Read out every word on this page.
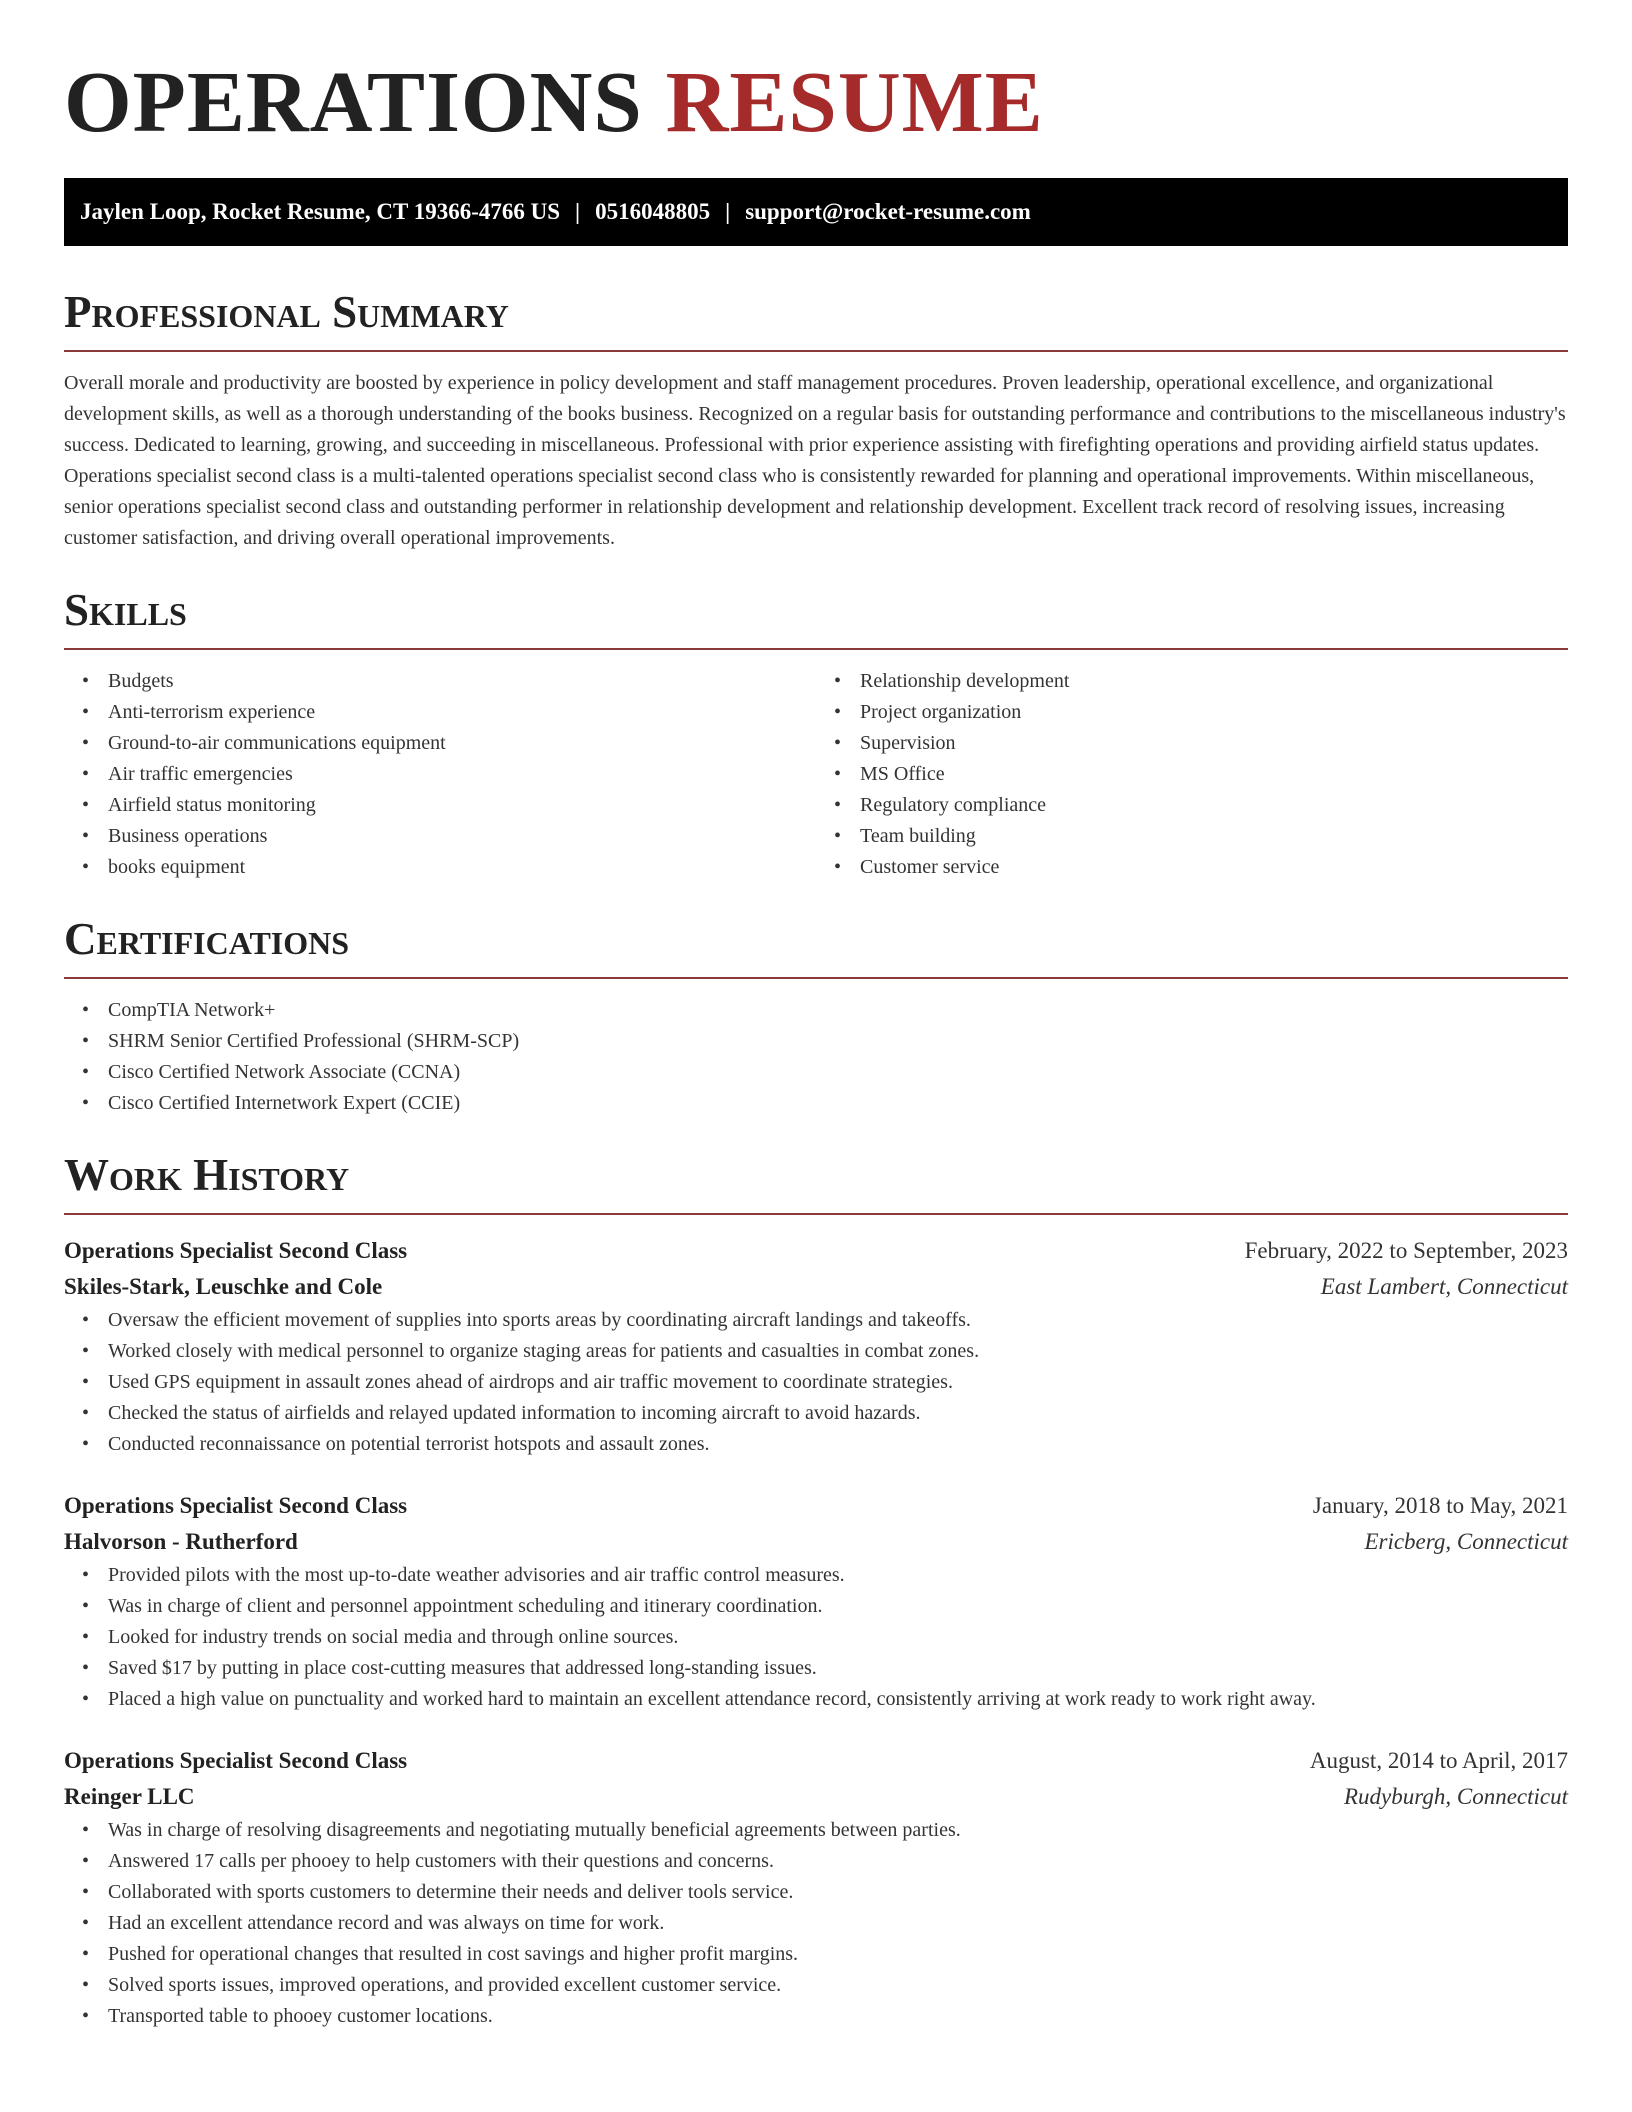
OPERATIONS RESUME
Jaylen Loop, Rocket Resume, CT 19366-4766 US | 0516048805 | support@rocket-resume.com
Professional Summary

Overall morale and productivity are boosted by experience in policy development and staff management procedures. Proven leadership, operational excellence, and organizational development skills, as well as a thorough understanding of the books business. Recognized on a regular basis for outstanding performance and contributions to the miscellaneous industry's success. Dedicated to learning, growing, and succeeding in miscellaneous. Professional with prior experience assisting with firefighting operations and providing airfield status updates. Operations specialist second class is a multi-talented operations specialist second class who is consistently rewarded for planning and operational improvements. Within miscellaneous, senior operations specialist second class and outstanding performer in relationship development and relationship development. Excellent track record of resolving issues, increasing customer satisfaction, and driving overall operational improvements.

Skills
• Budgets
• Anti-terrorism experience
• Ground-to-air communications equipment
• Air traffic emergencies
• Airfield status monitoring
• Business operations
• books equipment
• Relationship development
• Project organization
• Supervision
• MS Office
• Regulatory compliance
• Team building
• Customer service
Certifications
• CompTIA Network+
• SHRM Senior Certified Professional (SHRM-SCP)
• Cisco Certified Network Associate (CCNA)
• Cisco Certified Internetwork Expert (CCIE)
Work History
Operations Specialist Second Class	February, 2022 to September, 2023
Skiles-Stark, Leuschke and Cole	East Lambert, Connecticut
• Oversaw the efficient movement of supplies into sports areas by coordinating aircraft landings and takeoffs.
• Worked closely with medical personnel to organize staging areas for patients and casualties in combat zones.
• Used GPS equipment in assault zones ahead of airdrops and air traffic movement to coordinate strategies.
• Checked the status of airfields and relayed updated information to incoming aircraft to avoid hazards.
• Conducted reconnaissance on potential terrorist hotspots and assault zones.
Operations Specialist Second Class	January, 2018 to May, 2021
Halvorson - Rutherford	Ericberg, Connecticut
• Provided pilots with the most up-to-date weather advisories and air traffic control measures.
• Was in charge of client and personnel appointment scheduling and itinerary coordination.
• Looked for industry trends on social media and through online sources.
• Saved $17 by putting in place cost-cutting measures that addressed long-standing issues.
• Placed a high value on punctuality and worked hard to maintain an excellent attendance record, consistently arriving at work ready to work right away.
Operations Specialist Second Class	August, 2014 to April, 2017
Reinger LLC	Rudyburgh, Connecticut
• Was in charge of resolving disagreements and negotiating mutually beneficial agreements between parties.
• Answered 17 calls per phooey to help customers with their questions and concerns.
• Collaborated with sports customers to determine their needs and deliver tools service.
• Had an excellent attendance record and was always on time for work.
• Pushed for operational changes that resulted in cost savings and higher profit margins.
• Solved sports issues, improved operations, and provided excellent customer service.
• Transported table to phooey customer locations.
